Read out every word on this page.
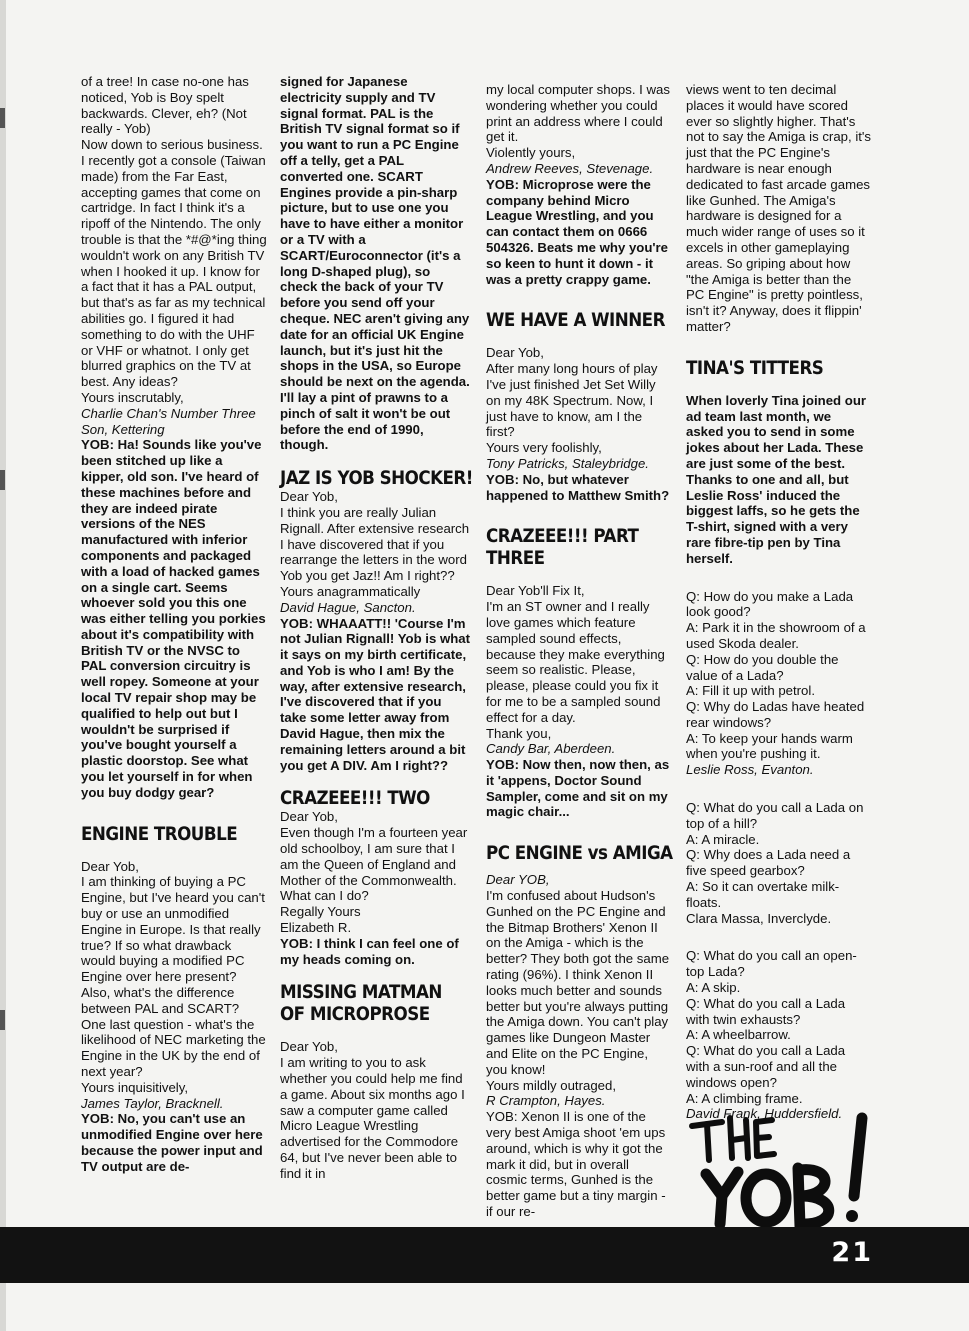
of a tree! In case no-one has noticed, Yob is Boy spelt backwards. Clever, eh? (Not really - Yob)

Now down to serious business. I recently got a console (Taiwan made) from the Far East, accepting games that come on cartridge. In fact I think it's a ripoff of the Nintendo. The only trouble is that the *#@*ing thing wouldn't work on any British TV when I hooked it up. I know for a fact that it has a PAL output, but that's as far as my technical abilities go. I figured it had something to do with the UHF or VHF or whatnot. I only get blurred graphics on the TV at best. Any ideas?

Yours inscrutably,

Charlie Chan's Number Three Son, Kettering

YOB: Ha! Sounds like you've been stitched up like a kipper, old son. I've heard of these machines before and they are indeed pirate versions of the NES manufactured with inferior components and packaged with a load of hacked games on a single cart. Seems whoever sold you this one was either telling you porkies about it's compatibility with British TV or the NVSC to PAL conversion circuitry is well ropey. Someone at your local TV repair shop may be qualified to help out but I wouldn't be surprised if you've bought yourself a plastic doorstop. See what you let yourself in for when you buy dodgy gear?

ENGINE TROUBLE

Dear Yob,

I am thinking of buying a PC Engine, but I've heard you can't buy or use an unmodified Engine in Europe. Is that really true? If so what drawback would buying a modified PC Engine over here present? Also, what's the difference between PAL and SCART?

One last question - what's the likelihood of NEC marketing the Engine in the UK by the end of next year?

Yours inquisitively,

James Taylor, Bracknell.

YOB: No, you can't use an unmodified Engine over here because the power input and TV output are de-

signed for Japanese electricity supply and TV signal format. PAL is the British TV signal format so if you want to run a PC Engine off a telly, get a PAL converted one. SCART Engines provide a pin-sharp picture, but to use one you have to have either a monitor or a TV with a SCART/Euroconnector (it's a long D-shaped plug), so check the back of your TV before you send off your cheque. NEC aren't giving any date for an official UK Engine launch, but it's just hit the shops in the USA, so Europe should be next on the agenda. I'll lay a pint of prawns to a pinch of salt it won't be out before the end of 1990, though.

JAZ IS YOB SHOCKER!

Dear Yob,

I think you are really Julian Rignall. After extensive research I have discovered that if you rearrange the letters in the word Yob you get Jaz!! Am I right??

Yours anagrammatically

David Hague, Sancton.

YOB: WHAAATT!! 'Course I'm not Julian Rignall! Yob is what it says on my birth certificate, and Yob is who I am! By the way, after extensive research, I've discovered that if you take some letter away from David Hague, then mix the remaining letters around a bit you get A DIV. Am I right??

CRAZEEE!!! TWO

Dear Yob,

Even though I'm a fourteen year old schoolboy, I am sure that I am the Queen of England and Mother of the Commonwealth. What can I do?

Regally Yours

Elizabeth R.

YOB: I think I can feel one of my heads coming on.

MISSING MATMAN OF MICROPROSE

Dear Yob,

I am writing to you to ask whether you could help me find a game. About six months ago I saw a computer game called Micro League Wrestling advertised for the Commodore 64, but I've never been able to find it in

my local computer shops. I was wondering whether you could print an address where I could get it.

Violently yours,

Andrew Reeves, Stevenage.

YOB: Microprose were the company behind Micro League Wrestling, and you can contact them on 0666 504326. Beats me why you're so keen to hunt it down - it was a pretty crappy game.

WE HAVE A WINNER

Dear Yob,

After many long hours of play I've just finished Jet Set Willy on my 48K Spectrum. Now, I just have to know, am I the first?

Yours very foolishly,

Tony Patricks, Staleybridge.

YOB: No, but whatever happened to Matthew Smith?

CRAZEEE!!! PART THREE

Dear Yob'll Fix It,

I'm an ST owner and I really love games which feature sampled sound effects, because they make everything seem so realistic. Please, please, please could you fix it for me to be a sampled sound effect for a day.

Thank you,

Candy Bar, Aberdeen.

YOB: Now then, now then, as it 'appens, Doctor Sound Sampler, come and sit on my magic chair...

PC ENGINE vs AMIGA

Dear YOB,

I'm confused about Hudson's Gunhed on the PC Engine and the Bitmap Brothers' Xenon II on the Amiga - which is the better? They both got the same rating (96%). I think Xenon II looks much better and sounds better but you're always putting the Amiga down. You can't play games like Dungeon Master and Elite on the PC Engine, you know!

Yours mildly outraged,

R Crampton, Hayes.

YOB: Xenon II is one of the very best Amiga shoot 'em ups around, which is why it got the mark it did, but in overall cosmic terms, Gunhed is the better game but a tiny margin - if our re-

views went to ten decimal places it would have scored ever so slightly higher. That's not to say the Amiga is crap, it's just that the PC Engine's hardware is near enough dedicated to fast arcade games like Gunhed. The Amiga's hardware is designed for a much wider range of uses so it excels in other gameplaying areas. So griping about how "the Amiga is better than the PC Engine" is pretty pointless, isn't it? Anyway, does it flippin' matter?

TINA'S TITTERS

When loverly Tina joined our ad team last month, we asked you to send in some jokes about her Lada. These are just some of the best. Thanks to one and all, but Leslie Ross' induced the biggest laffs, so he gets the T-shirt, signed with a very rare fibre-tip pen by Tina herself.

Q: How do you make a Lada look good?

A: Park it in the showroom of a used Skoda dealer.

Q: How do you double the value of a Lada?

A: Fill it up with petrol.

Q: Why do Ladas have heated rear windows?

A: To keep your hands warm when you're pushing it.

Leslie Ross, Evanton.

Q: What do you call a Lada on top of a hill?

A: A miracle.

Q: Why does a Lada need a five speed gearbox?

A: So it can overtake milk-floats.

Clara Massa, Inverclyde.

Q: What do you call an open-top Lada?

A: A skip.

Q: What do you call a Lada with twin exhausts?

A: A wheelbarrow.

Q: What do you call a Lada with a sun-roof and all the windows open?

A: A climbing frame.

David Frank, Huddersfield.

21
